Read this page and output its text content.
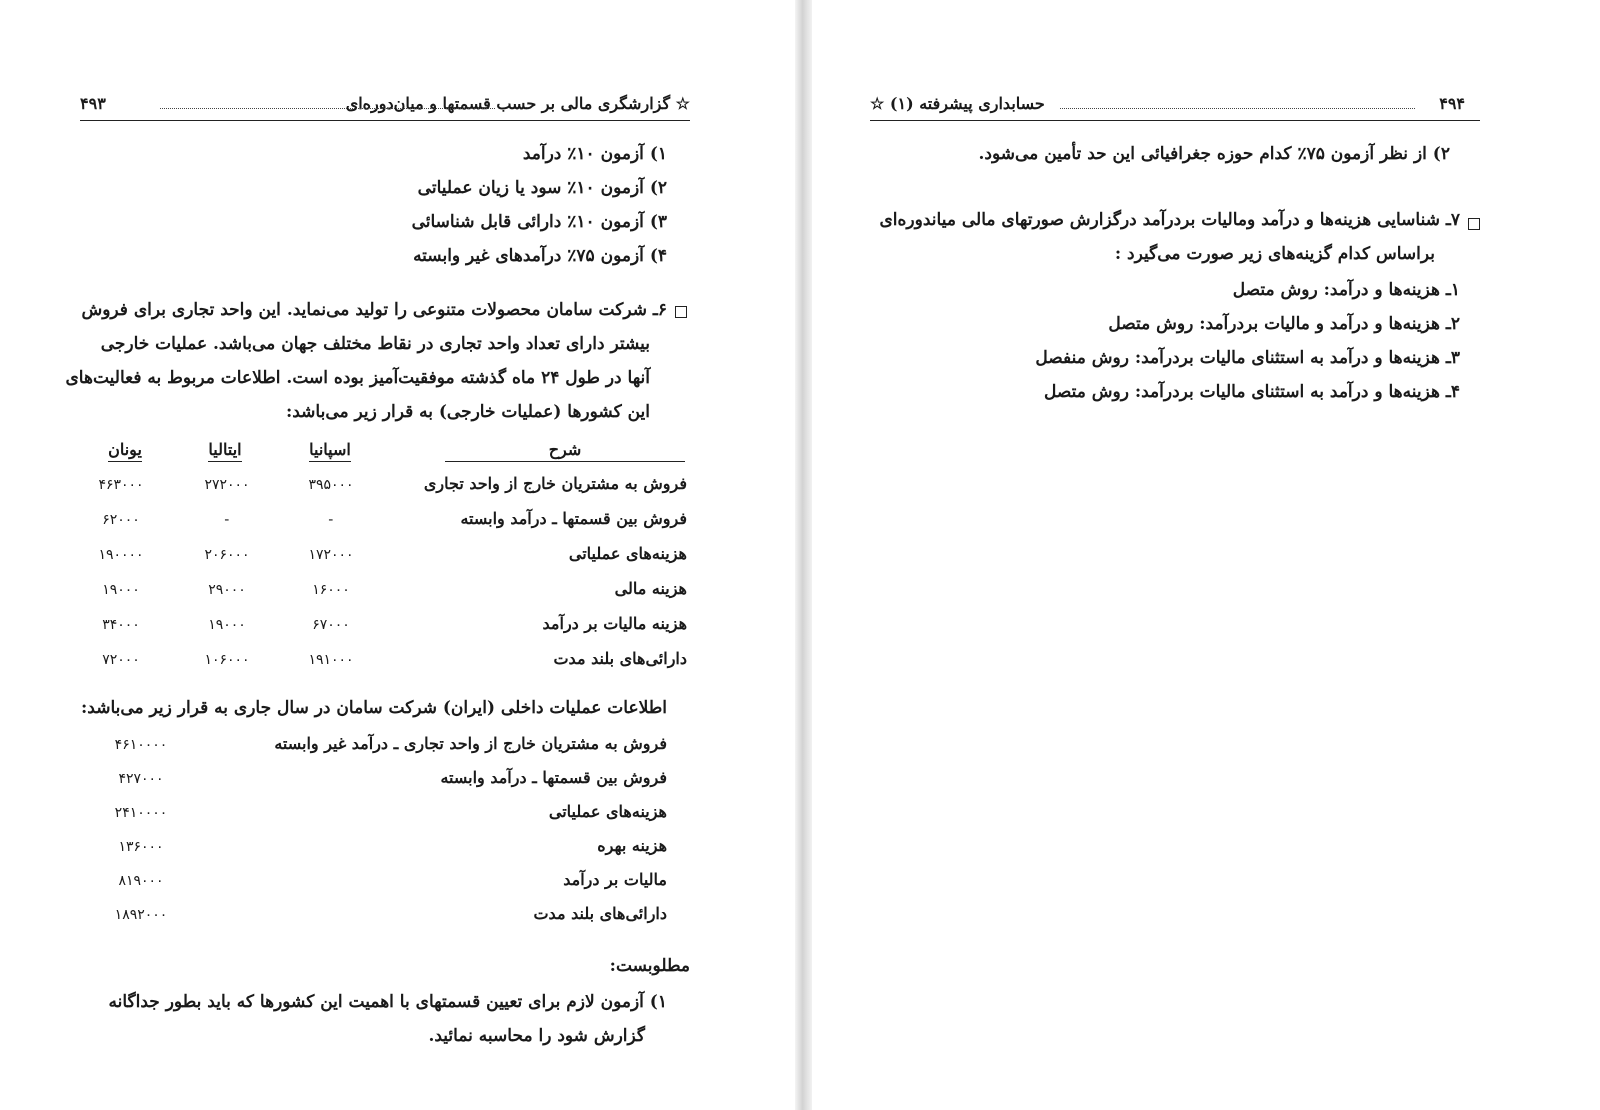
☆ گزارشگری مالی بر حسب قسمتها و میان‌دوره‌ای
۴۹۳
۱) آزمون ۱۰٪ درآمد
۲) آزمون ۱۰٪ سود یا زیان عملیاتی
۳) آزمون ۱۰٪ دارائی قابل شناسائی
۴) آزمون ۷۵٪ درآمدهای غیر وابسته
۶ـ شرکت سامان محصولات متنوعی را تولید می‌نماید. این واحد تجاری برای فروش
بیشتر دارای تعداد واحد تجاری در نقاط مختلف جهان می‌باشد. عملیات خارجی
آنها در طول ۲۴ ماه گذشته موفقیت‌آمیز بوده است. اطلاعات مربوط به فعالیت‌های
این کشورها (عملیات خارجی) به قرار زیر می‌باشد:
شرح
اسپانیا
ایتالیا
یونان
فروش به مشتریان خارج از واحد تجاری
۳۹۵۰۰۰
۲۷۲۰۰۰
۴۶۳۰۰۰
فروش بین قسمتها ـ درآمد وابسته
-
-
۶۲۰۰۰
هزینه‌های عملیاتی
۱۷۲۰۰۰
۲۰۶۰۰۰
۱۹۰۰۰۰
هزینه مالی
۱۶۰۰۰
۲۹۰۰۰
۱۹۰۰۰
هزینه مالیات بر درآمد
۶۷۰۰۰
۱۹۰۰۰
۳۴۰۰۰
دارائی‌های بلند مدت
۱۹۱۰۰۰
۱۰۶۰۰۰
۷۲۰۰۰
اطلاعات عملیات داخلی (ایران) شرکت سامان در سال جاری به قرار زیر می‌باشد:
فروش به مشتریان خارج از واحد تجاری ـ درآمد غیر وابسته
۴۶۱۰۰۰۰
فروش بین قسمتها ـ درآمد وابسته
۴۲۷۰۰۰
هزینه‌های عملیاتی
۲۴۱۰۰۰۰
هزینه بهره
۱۳۶۰۰۰
مالیات بر درآمد
۸۱۹۰۰۰
دارائی‌های بلند مدت
۱۸۹۲۰۰۰
مطلوبست:
۱) آزمون لازم برای تعیین قسمتهای با اهمیت این کشورها که باید بطور جداگانه
گزارش شود را محاسبه نمائید.
۴۹۴
حسابداری پیشرفته (۱) ☆
۲) از نظر آزمون ۷۵٪ کدام حوزه جغرافیائی این حد تأمین می‌شود.
۷ـ شناسایی هزینه‌ها و درآمد ومالیات بردرآمد درگزارش صورتهای مالی میاندوره‌ای
براساس کدام گزینه‌های زیر صورت می‌گیرد :
۱ـ هزینه‌ها و درآمد: روش متصل
۲ـ هزینه‌ها و درآمد و مالیات بردرآمد: روش متصل
۳ـ هزینه‌ها و درآمد به استثنای مالیات بردرآمد: روش منفصل
۴ـ هزینه‌ها و درآمد به استثنای مالیات بردرآمد: روش متصل
